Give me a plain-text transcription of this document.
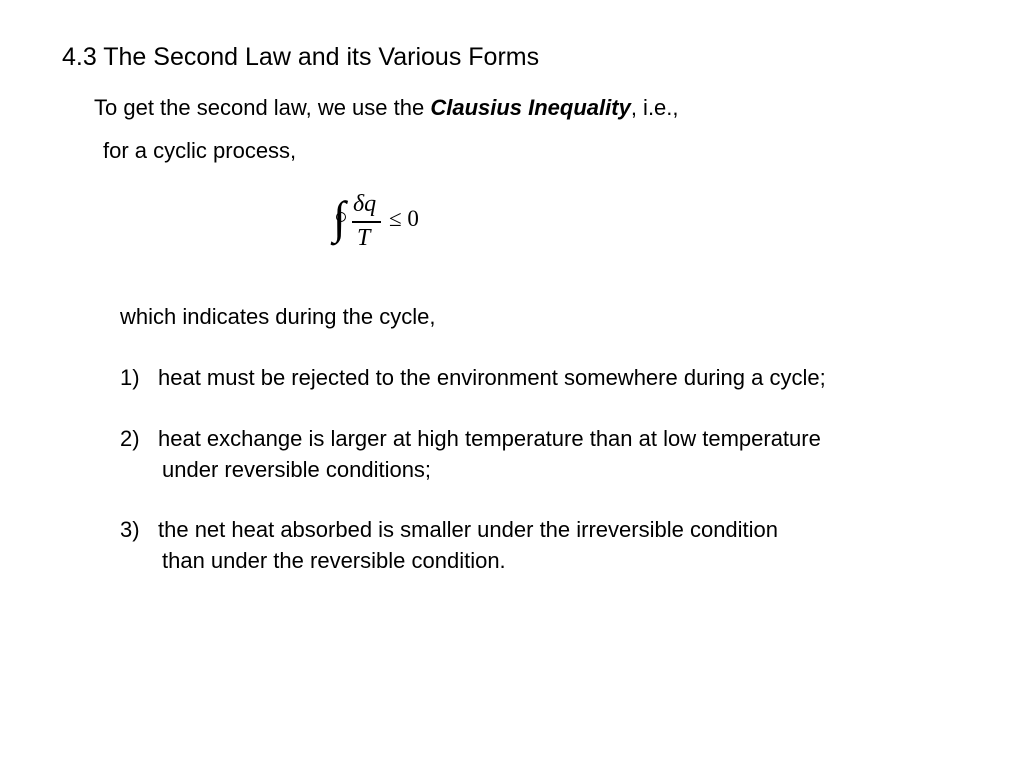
4.3 The Second Law and its Various Forms
To get the second law, we use the Clausius Inequality, i.e.,
for a cyclic process,
∫ δq
T
≤ 0
which indicates during the cycle,
1) heat must be rejected to the environment somewhere during a cycle;
2) heat exchange is larger at high temperature than at low temperature
under reversible conditions;
3) the net heat absorbed is smaller under the irreversible condition
than under the reversible condition.
